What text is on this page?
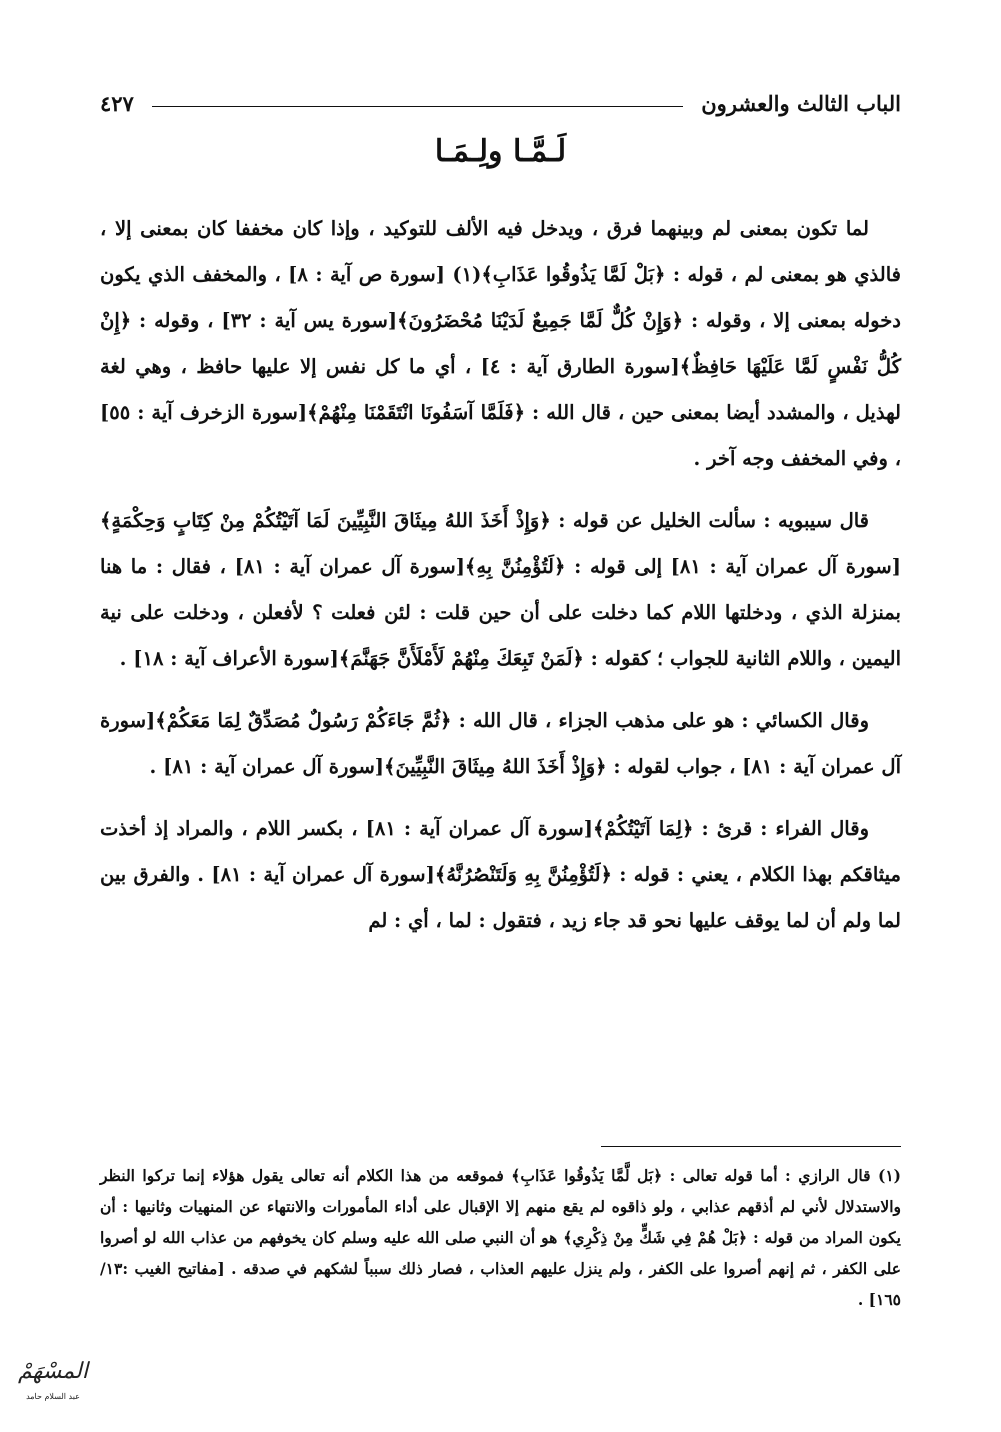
الباب الثالث والعشرون
٤٢٧
لَـمَّـا ولِـمَـا

لما تكون بمعنى لم وبينهما فرق ، ويدخل فيه الألف للتوكيد ، وإذا كان مخففا كان بمعنى إلا ، فالذي هو بمعنى لم ، قوله : ﴿بَلْ لَمَّا يَذُوقُوا عَذَابِ﴾(١) [سورة ص آية : ٨] ، والمخفف الذي يكون دخوله بمعنى إلا ، وقوله : ﴿وَإِنْ كُلٌّ لَمَّا جَمِيعٌ لَدَيْنَا مُحْضَرُونَ﴾[سورة يس آية : ٣٢] ، وقوله : ﴿إِنْ كُلُّ نَفْسٍ لَمَّا عَلَيْهَا حَافِظٌ﴾[سورة الطارق آية : ٤] ، أي ما كل نفس إلا عليها حافظ ، وهي لغة لهذيل ، والمشدد أيضا بمعنى حين ، قال الله : ﴿فَلَمَّا آسَفُونَا انْتَقَمْنَا مِنْهُمْ﴾[سورة الزخرف آية : ٥٥] ، وفي المخفف وجه آخر .

قال سيبويه : سألت الخليل عن قوله : ﴿وَإِذْ أَخَذَ اللهُ مِيثَاقَ النَّبِيِّينَ لَمَا آتَيْتُكُمْ مِنْ كِتَابٍ وَحِكْمَةٍ﴾[سورة آل عمران آية : ٨١] إلى قوله : ﴿لَتُؤْمِنُنَّ بِهِ﴾[سورة آل عمران آية : ٨١] ، فقال : ما هنا بمنزلة الذي ، ودخلتها اللام كما دخلت على أن حين قلت : لئن فعلت ؟ لأفعلن ، ودخلت على نية اليمين ، واللام الثانية للجواب ؛ كقوله : ﴿لَمَنْ تَبِعَكَ مِنْهُمْ لَأَمْلَأَنَّ جَهَنَّمَ﴾[سورة الأعراف آية : ١٨] .

وقال الكسائي : هو على مذهب الجزاء ، قال الله : ﴿ثُمَّ جَاءَكُمْ رَسُولٌ مُصَدِّقٌ لِمَا مَعَكُمْ﴾[سورة آل عمران آية : ٨١] ، جواب لقوله : ﴿وَإِذْ أَخَذَ اللهُ مِيثَاقَ النَّبِيِّينَ﴾[سورة آل عمران آية : ٨١] .

وقال الفراء : قرئ : ﴿لِمَا آتَيْتُكُمْ﴾[سورة آل عمران آية : ٨١] ، بكسر اللام ، والمراد إذ أخذت ميثاقكم بهذا الكلام ، يعني : قوله : ﴿لَتُؤْمِنُنَّ بِهِ وَلَتَنْصُرُنَّهُ﴾[سورة آل عمران آية : ٨١] . والفرق بين لما ولم أن لما يوقف عليها نحو قد جاء زيد ، فتقول : لما ، أي : لم

(١) قال الرازي : أما قوله تعالى : ﴿بَل لَّمَّا يَذُوقُوا عَذَابِ﴾ فموقعه من هذا الكلام أنه تعالى يقول هؤلاء إنما تركوا النظر والاستدلال لأني لم أذقهم عذابي ، ولو ذاقوه لم يقع منهم إلا الإقبال على أداء المأمورات والانتهاء عن المنهيات وثانيها : أن يكون المراد من قوله : ﴿بَلْ هُمْ فِي شَكٍّ مِنْ ذِكْرِي﴾ هو أن النبي صلى الله عليه وسلم كان يخوفهم من عذاب الله لو أصروا على الكفر ، ثم إنهم أصروا على الكفر ، ولم ينزل عليهم العذاب ، فصار ذلك سبباً لشكهم في صدقه . [مفاتيح الغيب :١٣/ ١٦٥] .

المسْهَمْ
عبد السلام حامد
